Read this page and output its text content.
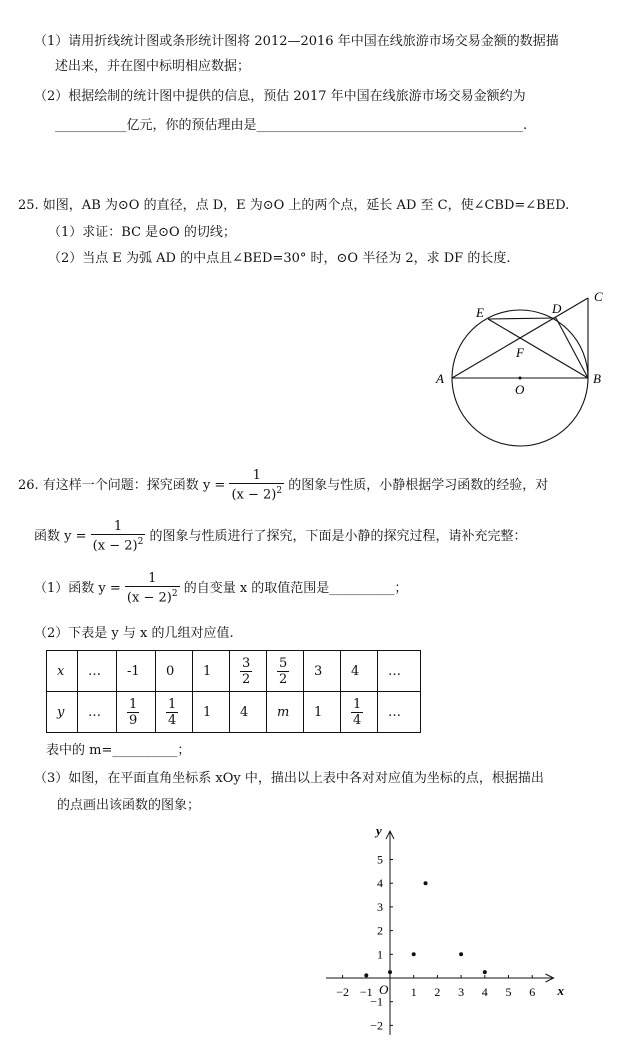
（1）请用折线统计图或条形统计图将 2012—2016 年中国在线旅游市场交易金额的数据描
述出来，并在图中标明相应数据；
（2）根据绘制的统计图中提供的信息，预估 2017 年中国在线旅游市场交易金额约为
___________亿元，你的预估理由是_________________________________________.
25. 如图，AB 为⊙O 的直径，点 D，E 为⊙O 上的两个点，延长 AD 至 C，使∠CBD=∠BED.
（1）求证：BC 是⊙O 的切线；
（2）当点 E 为弧 AD 的中点且∠BED=30° 时，⊙O 半径为 2，求 DF 的长度.
A	B
C
D
E
F
O
26. 有这样一个问题：探究函数 $y = \frac{1}{(x - 2)^2}$ 的图象与性质，小静根据学习函数的经验，对
函数 $y = \frac{1}{(x - 2)^2}$ 的图象与性质进行了探究，下面是小静的探究过程，请补充完整：
（1）函数 $y = \frac{1}{(x - 2)^2}$ 的自变量 x 的取值范围是__________；
（2）下表是 y 与 x 的几组对应值.
x	…	-1	0	1	$\frac{3}{2}$	$\frac{5}{2}$	3	4	…

y	…	$\frac{1}{9}$	$\frac{1}{4}$	1	4	m	1	$\frac{1}{4}$	…
表中的 m=__________；
（3）如图，在平面直角坐标系 xOy 中，描出以上表中各对对应值为坐标的点，根据描出
的点画出该函数的图象；
−2 −1	1 2 3 4 5 6
−2
−1
1
2
3
4
5
x
y
O
